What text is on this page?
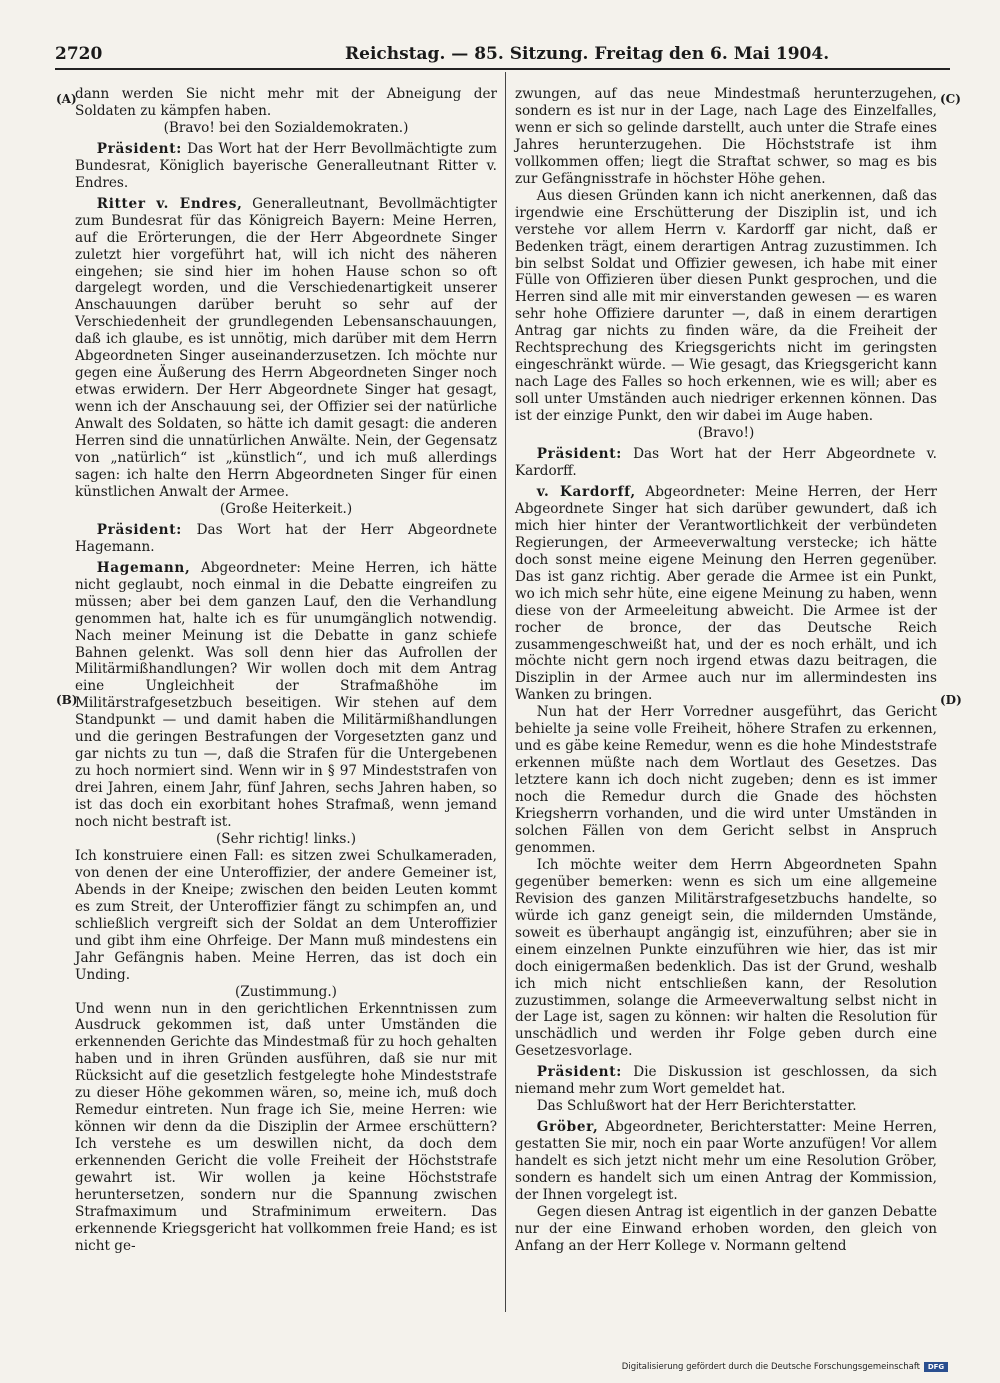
2720	Reichstag. — 85. Sitzung. Freitag den 6. Mai 1904.
(A)
(B)
(C)
(D)

dann werden Sie nicht mehr mit der Abneigung der Soldaten zu kämpfen haben.

(Bravo! bei den Sozialdemokraten.)

Präsident: Das Wort hat der Herr Bevollmächtigte zum Bundesrat, Königlich bayerische Generalleutnant Ritter v. Endres.

Ritter v. Endres, Generalleutnant, Bevollmächtigter zum Bundesrat für das Königreich Bayern: Meine Herren, auf die Erörterungen, die der Herr Abgeordnete Singer zuletzt hier vorgeführt hat, will ich nicht des näheren eingehen; sie sind hier im hohen Hause schon so oft dargelegt worden, und die Verschiedenartigkeit unserer Anschauungen darüber beruht so sehr auf der Verschiedenheit der grundlegenden Lebensanschauungen, daß ich glaube, es ist unnötig, mich darüber mit dem Herrn Abgeordneten Singer auseinanderzusetzen. Ich möchte nur gegen eine Äußerung des Herrn Abgeordneten Singer noch etwas erwidern. Der Herr Abgeordnete Singer hat gesagt, wenn ich der Anschauung sei, der Offizier sei der natürliche Anwalt des Soldaten, so hätte ich damit gesagt: die anderen Herren sind die unnatürlichen Anwälte. Nein, der Gegensatz von „natürlich“ ist „künstlich“, und ich muß allerdings sagen: ich halte den Herrn Abgeordneten Singer für einen künstlichen Anwalt der Armee.

(Große Heiterkeit.)

Präsident: Das Wort hat der Herr Abgeordnete Hagemann.

Hagemann, Abgeordneter: Meine Herren, ich hätte nicht geglaubt, noch einmal in die Debatte eingreifen zu müssen; aber bei dem ganzen Lauf, den die Verhandlung genommen hat, halte ich es für unumgänglich notwendig. Nach meiner Meinung ist die Debatte in ganz schiefe Bahnen gelenkt. Was soll denn hier das Aufrollen der Militärmißhandlungen? Wir wollen doch mit dem Antrag eine Ungleichheit der Strafmaßhöhe im Militärstrafgesetzbuch beseitigen. Wir stehen auf dem Standpunkt — und damit haben die Militärmißhandlungen und die geringen Bestrafungen der Vorgesetzten ganz und gar nichts zu tun —, daß die Strafen für die Untergebenen zu hoch normiert sind. Wenn wir in § 97 Mindeststrafen von drei Jahren, einem Jahr, fünf Jahren, sechs Jahren haben, so ist das doch ein exorbitant hohes Strafmaß, wenn jemand noch nicht bestraft ist.

(Sehr richtig! links.)

Ich konstruiere einen Fall: es sitzen zwei Schulkameraden, von denen der eine Unteroffizier, der andere Gemeiner ist, Abends in der Kneipe; zwischen den beiden Leuten kommt es zum Streit, der Unteroffizier fängt zu schimpfen an, und schließlich vergreift sich der Soldat an dem Unteroffizier und gibt ihm eine Ohrfeige. Der Mann muß mindestens ein Jahr Gefängnis haben. Meine Herren, das ist doch ein Unding.

(Zustimmung.)

Und wenn nun in den gerichtlichen Erkenntnissen zum Ausdruck gekommen ist, daß unter Umständen die erkennenden Gerichte das Mindestmaß für zu hoch gehalten haben und in ihren Gründen ausführen, daß sie nur mit Rücksicht auf die gesetzlich festgelegte hohe Mindeststrafe zu dieser Höhe gekommen wären, so, meine ich, muß doch Remedur eintreten. Nun frage ich Sie, meine Herren: wie können wir denn da die Disziplin der Armee erschüttern? Ich verstehe es um deswillen nicht, da doch dem erkennenden Gericht die volle Freiheit der Höchststrafe gewahrt ist. Wir wollen ja keine Höchststrafe heruntersetzen, sondern nur die Spannung zwischen Strafmaximum und Strafminimum erweitern. Das erkennende Kriegsgericht hat vollkommen freie Hand; es ist nicht ge-

zwungen, auf das neue Mindestmaß herunterzugehen, sondern es ist nur in der Lage, nach Lage des Einzelfalles, wenn er sich so gelinde darstellt, auch unter die Strafe eines Jahres herunterzugehen. Die Höchststrafe ist ihm vollkommen offen; liegt die Straftat schwer, so mag es bis zur Gefängnisstrafe in höchster Höhe gehen.

Aus diesen Gründen kann ich nicht anerkennen, daß das irgendwie eine Erschütterung der Disziplin ist, und ich verstehe vor allem Herrn v. Kardorff gar nicht, daß er Bedenken trägt, einem derartigen Antrag zuzustimmen. Ich bin selbst Soldat und Offizier gewesen, ich habe mit einer Fülle von Offizieren über diesen Punkt gesprochen, und die Herren sind alle mit mir einverstanden gewesen — es waren sehr hohe Offiziere darunter —, daß in einem derartigen Antrag gar nichts zu finden wäre, da die Freiheit der Rechtsprechung des Kriegsgerichts nicht im geringsten eingeschränkt würde. — Wie gesagt, das Kriegsgericht kann nach Lage des Falles so hoch erkennen, wie es will; aber es soll unter Umständen auch niedriger erkennen können. Das ist der einzige Punkt, den wir dabei im Auge haben.

(Bravo!)

Präsident: Das Wort hat der Herr Abgeordnete v. Kardorff.

v. Kardorff, Abgeordneter: Meine Herren, der Herr Abgeordnete Singer hat sich darüber gewundert, daß ich mich hier hinter der Verantwortlichkeit der verbündeten Regierungen, der Armeeverwaltung verstecke; ich hätte doch sonst meine eigene Meinung den Herren gegenüber. Das ist ganz richtig. Aber gerade die Armee ist ein Punkt, wo ich mich sehr hüte, eine eigene Meinung zu haben, wenn diese von der Armeeleitung abweicht. Die Armee ist der rocher de bronce, der das Deutsche Reich zusammengeschweißt hat, und der es noch erhält, und ich möchte nicht gern noch irgend etwas dazu beitragen, die Disziplin in der Armee auch nur im allermindesten ins Wanken zu bringen.

Nun hat der Herr Vorredner ausgeführt, das Gericht behielte ja seine volle Freiheit, höhere Strafen zu erkennen, und es gäbe keine Remedur, wenn es die hohe Mindeststrafe erkennen müßte nach dem Wortlaut des Gesetzes. Das letztere kann ich doch nicht zugeben; denn es ist immer noch die Remedur durch die Gnade des höchsten Kriegsherrn vorhanden, und die wird unter Umständen in solchen Fällen von dem Gericht selbst in Anspruch genommen.

Ich möchte weiter dem Herrn Abgeordneten Spahn gegenüber bemerken: wenn es sich um eine allgemeine Revision des ganzen Militärstrafgesetzbuchs handelte, so würde ich ganz geneigt sein, die mildernden Umstände, soweit es überhaupt angängig ist, einzuführen; aber sie in einem einzelnen Punkte einzuführen wie hier, das ist mir doch einigermaßen bedenklich. Das ist der Grund, weshalb ich mich nicht entschließen kann, der Resolution zuzustimmen, solange die Armeeverwaltung selbst nicht in der Lage ist, sagen zu können: wir halten die Resolution für unschädlich und werden ihr Folge geben durch eine Gesetzesvorlage.

Präsident: Die Diskussion ist geschlossen, da sich niemand mehr zum Wort gemeldet hat.

Das Schlußwort hat der Herr Berichterstatter.

Gröber, Abgeordneter, Berichterstatter: Meine Herren, gestatten Sie mir, noch ein paar Worte anzufügen! Vor allem handelt es sich jetzt nicht mehr um eine Resolution Gröber, sondern es handelt sich um einen Antrag der Kommission, der Ihnen vorgelegt ist.

Gegen diesen Antrag ist eigentlich in der ganzen Debatte nur der eine Einwand erhoben worden, den gleich von Anfang an der Herr Kollege v. Normann geltend

Digitalisierung gefördert durch die Deutsche Forschungsgemeinschaft	DFG
